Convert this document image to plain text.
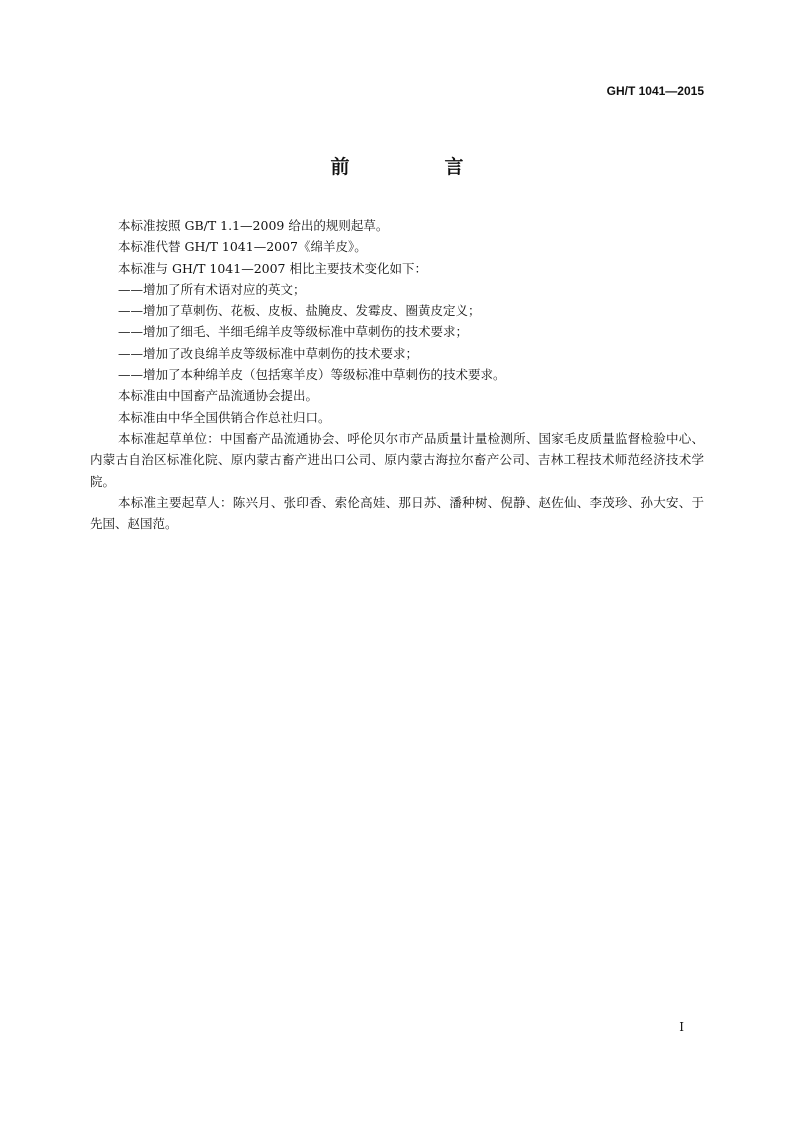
GH/T 1041—2015
前　言

本标准按照 GB/T 1.1—2009 给出的规则起草。

本标准代替 GH/T 1041—2007《绵羊皮》。

本标准与 GH/T 1041—2007 相比主要技术变化如下：

——增加了所有术语对应的英文；

——增加了草刺伤、花板、皮板、盐腌皮、发霉皮、圈黄皮定义；

——增加了细毛、半细毛绵羊皮等级标准中草刺伤的技术要求；

——增加了改良绵羊皮等级标准中草刺伤的技术要求；

——增加了本种绵羊皮（包括寒羊皮）等级标准中草刺伤的技术要求。

本标准由中国畜产品流通协会提出。

本标准由中华全国供销合作总社归口。

本标准起草单位：中国畜产品流通协会、呼伦贝尔市产品质量计量检测所、国家毛皮质量监督检验中心、内蒙古自治区标准化院、原内蒙古畜产进出口公司、原内蒙古海拉尔畜产公司、吉林工程技术师范经济技术学院。

本标准主要起草人：陈兴月、张印香、索伦高娃、那日苏、潘种树、倪静、赵佐仙、李茂珍、孙大安、于先国、赵国范。

I
